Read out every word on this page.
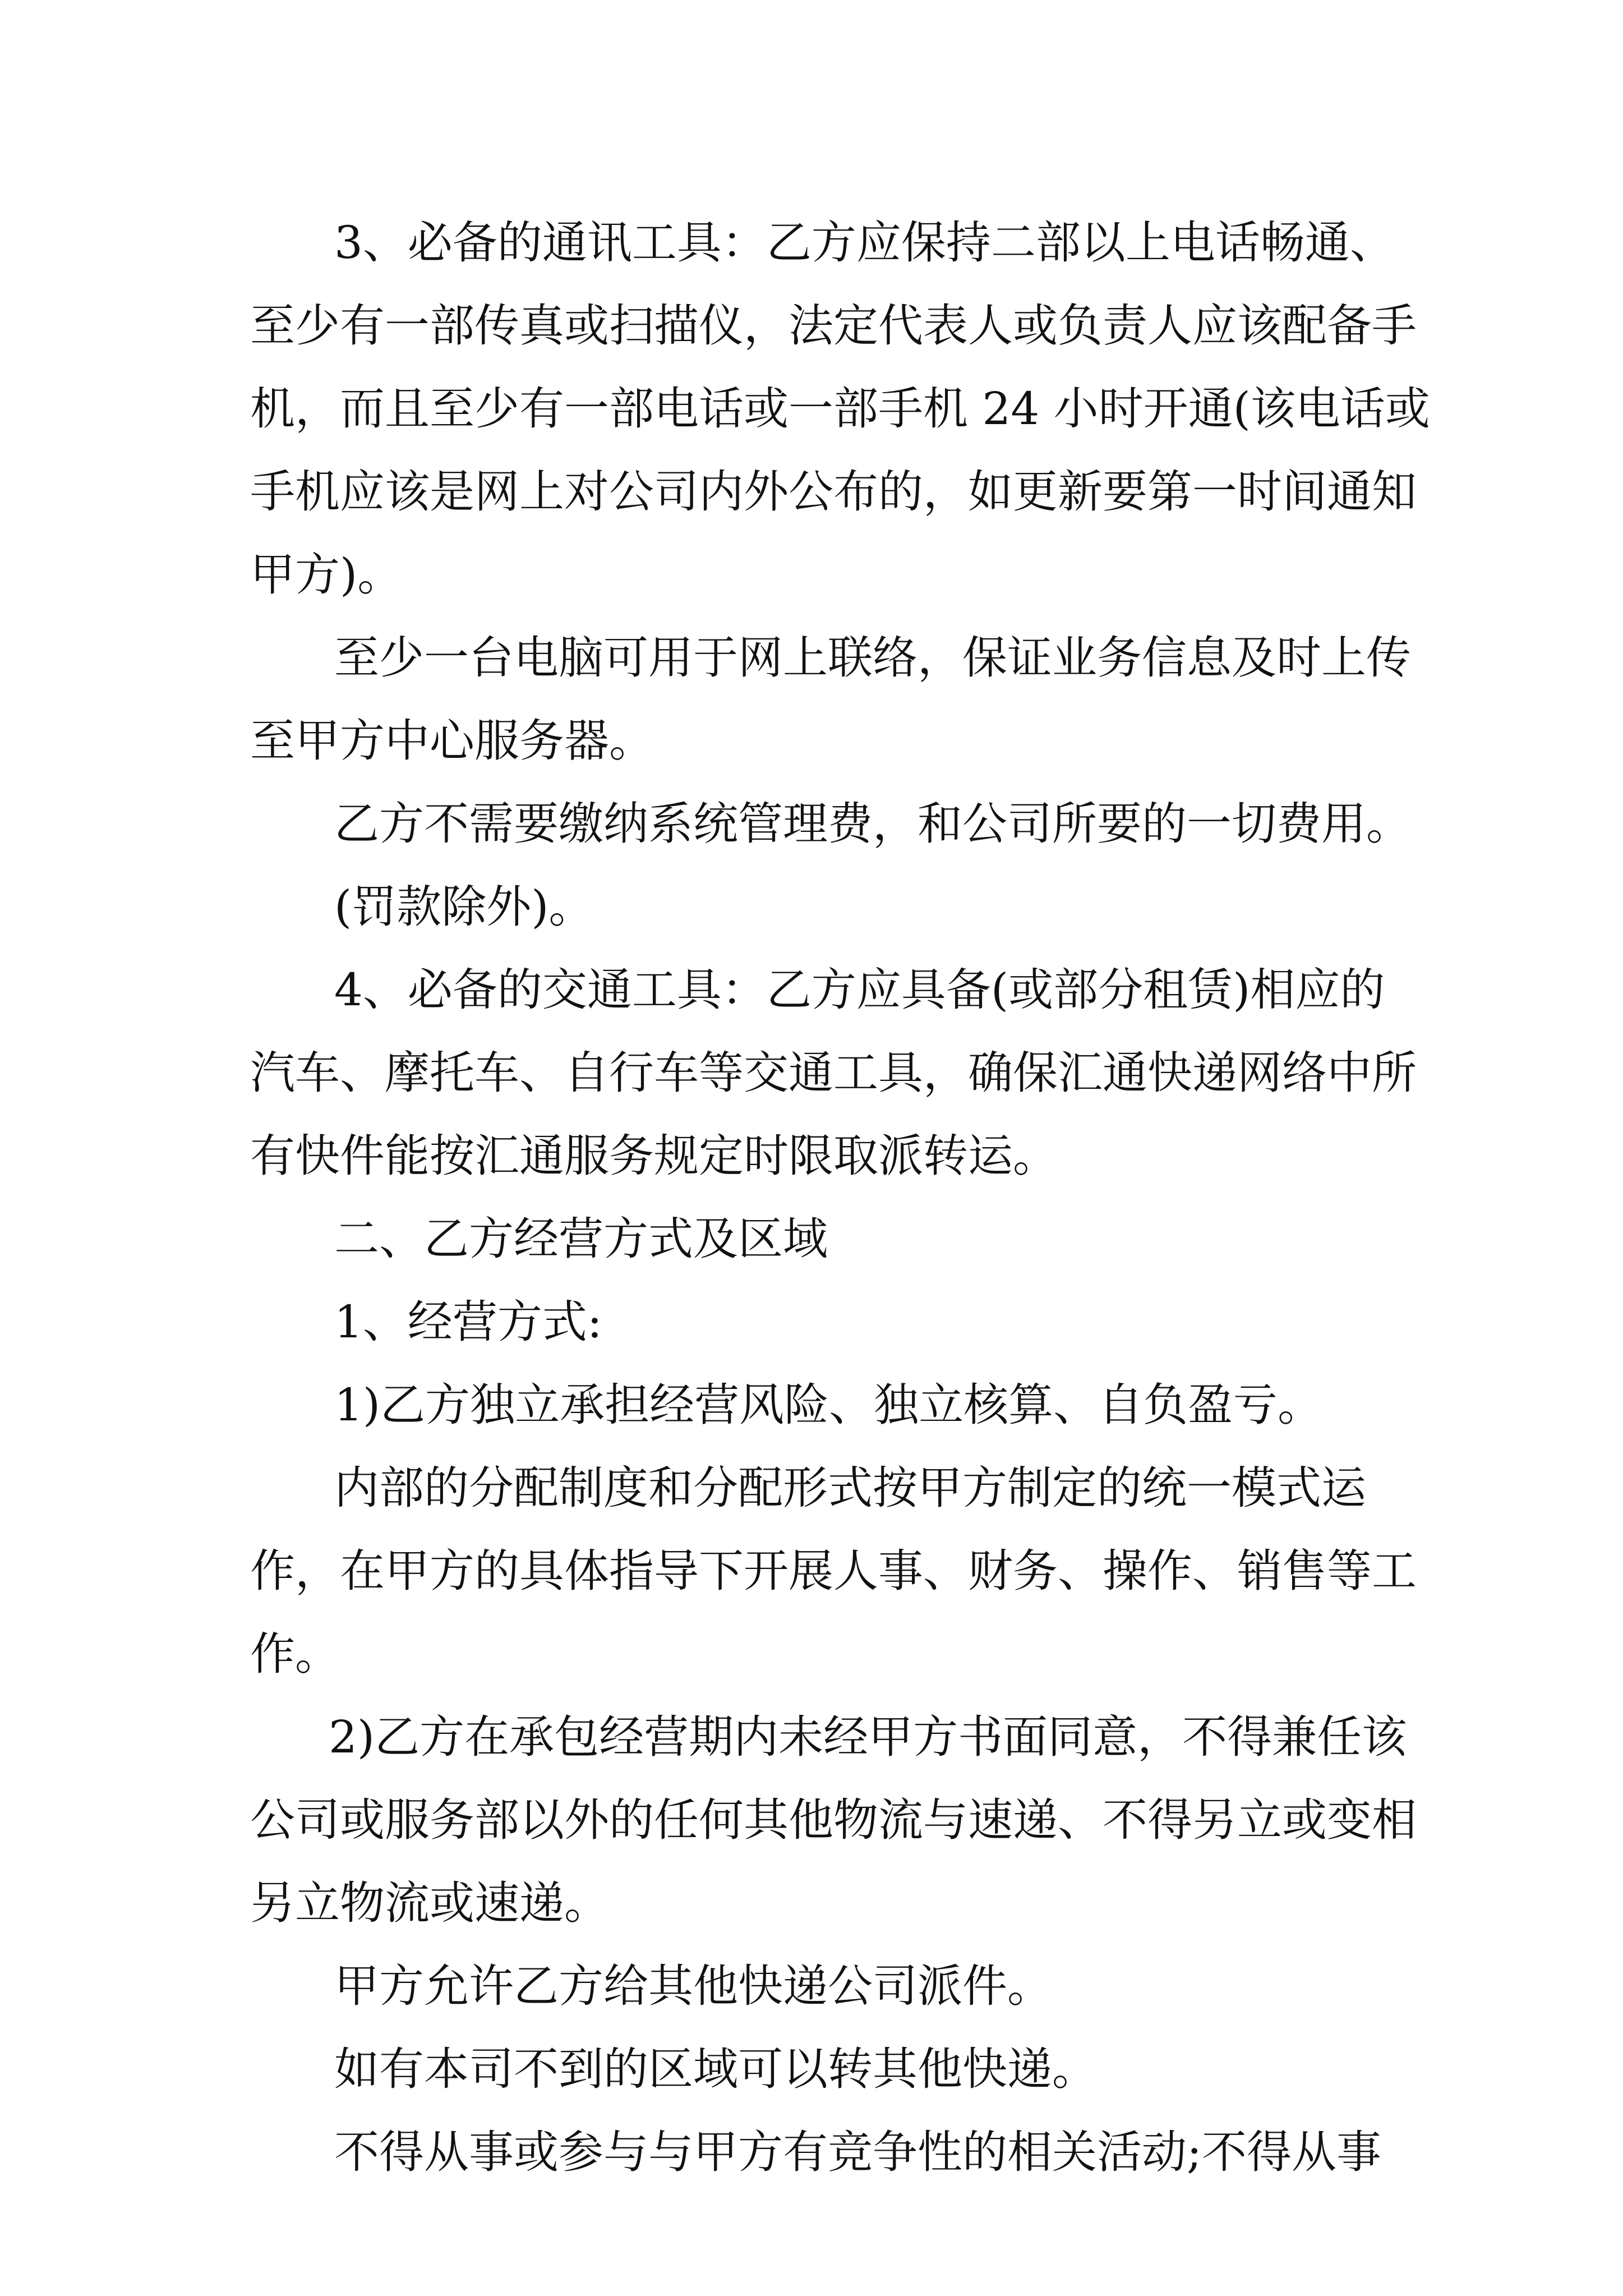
3、必备的通讯工具：乙方应保持二部以上电话畅通、
至少有一部传真或扫描仪，法定代表人或负责人应该配备手
机，而且至少有一部电话或一部手机 24 小时开通(该电话或
手机应该是网上对公司内外公布的，如更新要第一时间通知
甲方)。
至少一台电脑可用于网上联络，保证业务信息及时上传
至甲方中心服务器。
乙方不需要缴纳系统管理费，和公司所要的一切费用。
(罚款除外)。
4、必备的交通工具：乙方应具备(或部分租赁)相应的
汽车、摩托车、自行车等交通工具，确保汇通快递网络中所
有快件能按汇通服务规定时限取派转运。
二、乙方经营方式及区域
1、经营方式:
1)乙方独立承担经营风险、独立核算、自负盈亏。
内部的分配制度和分配形式按甲方制定的统一模式运
作，在甲方的具体指导下开展人事、财务、操作、销售等工
作。
2)乙方在承包经营期内未经甲方书面同意，不得兼任该
公司或服务部以外的任何其他物流与速递、不得另立或变相
另立物流或速递。
甲方允许乙方给其他快递公司派件。
如有本司不到的区域可以转其他快递。
不得从事或参与与甲方有竞争性的相关活动;不得从事
